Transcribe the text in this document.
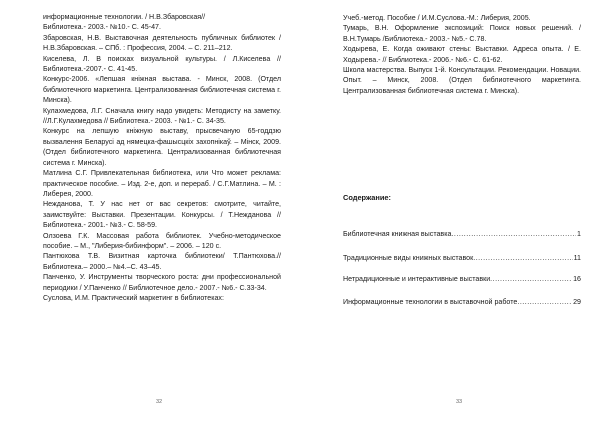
информационные технологии. / Н.В.Збаровская//

Библиотека.- 2003.- №10.- С. 45-47.

Збаровская, Н.В. Выставочная деятельность публичных библиотек / Н.В.Збаровская. – СПб. : Профессия, 2004. – С. 211–212.

Киселева, Л. В поисках визуальной культуры. / Л.Киселева // Библиотека.-2007.- С. 41-45.

Конкурс-2006. «Лепшая кніжная выстава. - Минск, 2008. (Отдел библиотечного маркетинга. Централизованная библиотечная система г. Минска).

Кулахмедова, Л.Г. Сначала книгу надо увидеть: Методисту на заметку. //Л.Г.Кулахмедова // Библиотека.- 2003. - №1.- С. 34-35.

Конкурс на лепшую кніжную выставу, прысвечаную 65-годдзю вызвалення Беларусі ад нямецка-фашысцкіх захопнікаў. – Мінск, 2009. (Отдел библиотечного маркетинга. Централизованная библиотечная система г. Минска).

Матлина С.Г. Привлекательная библиотека, или Что может реклама: практическое пособие. – Изд. 2-е, доп. и перераб. / С.Г.Матлина. – М. : Либерея, 2000.

Нежданова, Т. У нас нет от вас секретов: смотрите, читайте, заимствуйте: Выставки. Презентации. Конкурсы. / Т.Нежданова // Библиотека.- 2001.- №3.- С. 58-59.

Олзоева Г.К. Массовая работа библиотек. Учебно-методическое пособие. – М., "Либерия-бибинформ". – 2006. – 120 с.

Пантюхова Т.В. Визитная карточка библиотеки/ Т.Пантюхова.//Библиотека.– 2000.– №4.–С. 43–45.

Панченко, У. Инструменты творческого роста: дни профессиональной периодики / У.Панченко // Библиотечное дело.- 2007.- №6.- С.33-34.

Суслова, И.М. Практический маркетинг в библиотеках:

32

Учеб.-метод. Пособие / И.М.Суслова.-М.: Либерия, 2005.

Тумарь, В.Н. Оформление экспозиций: Поиск новых решений. /В.Н.Тумарь /Библиотека.- 2003.- №5.- С.78.

Ходырева, Е. Когда оживают стены: Выставки. Адреса опыта. / Е. Ходырева.- // Библиотека.- 2006.- №6.- С. 61-62.

Школа мастерства. Выпуск 1-й. Консультации. Рекомендации. Новации. Опыт. – Минск, 2008. (Отдел библиотечного маркетинга. Централизованная библиотечная система г. Минска).

Содержание:
Библиотечная книжная выставка .....	1
Традиционные виды книжных выставок .....	11
Нетрадиционные и интерактивные выставки .....	16
Информационные технологии в выставочной работе .....	29
33
